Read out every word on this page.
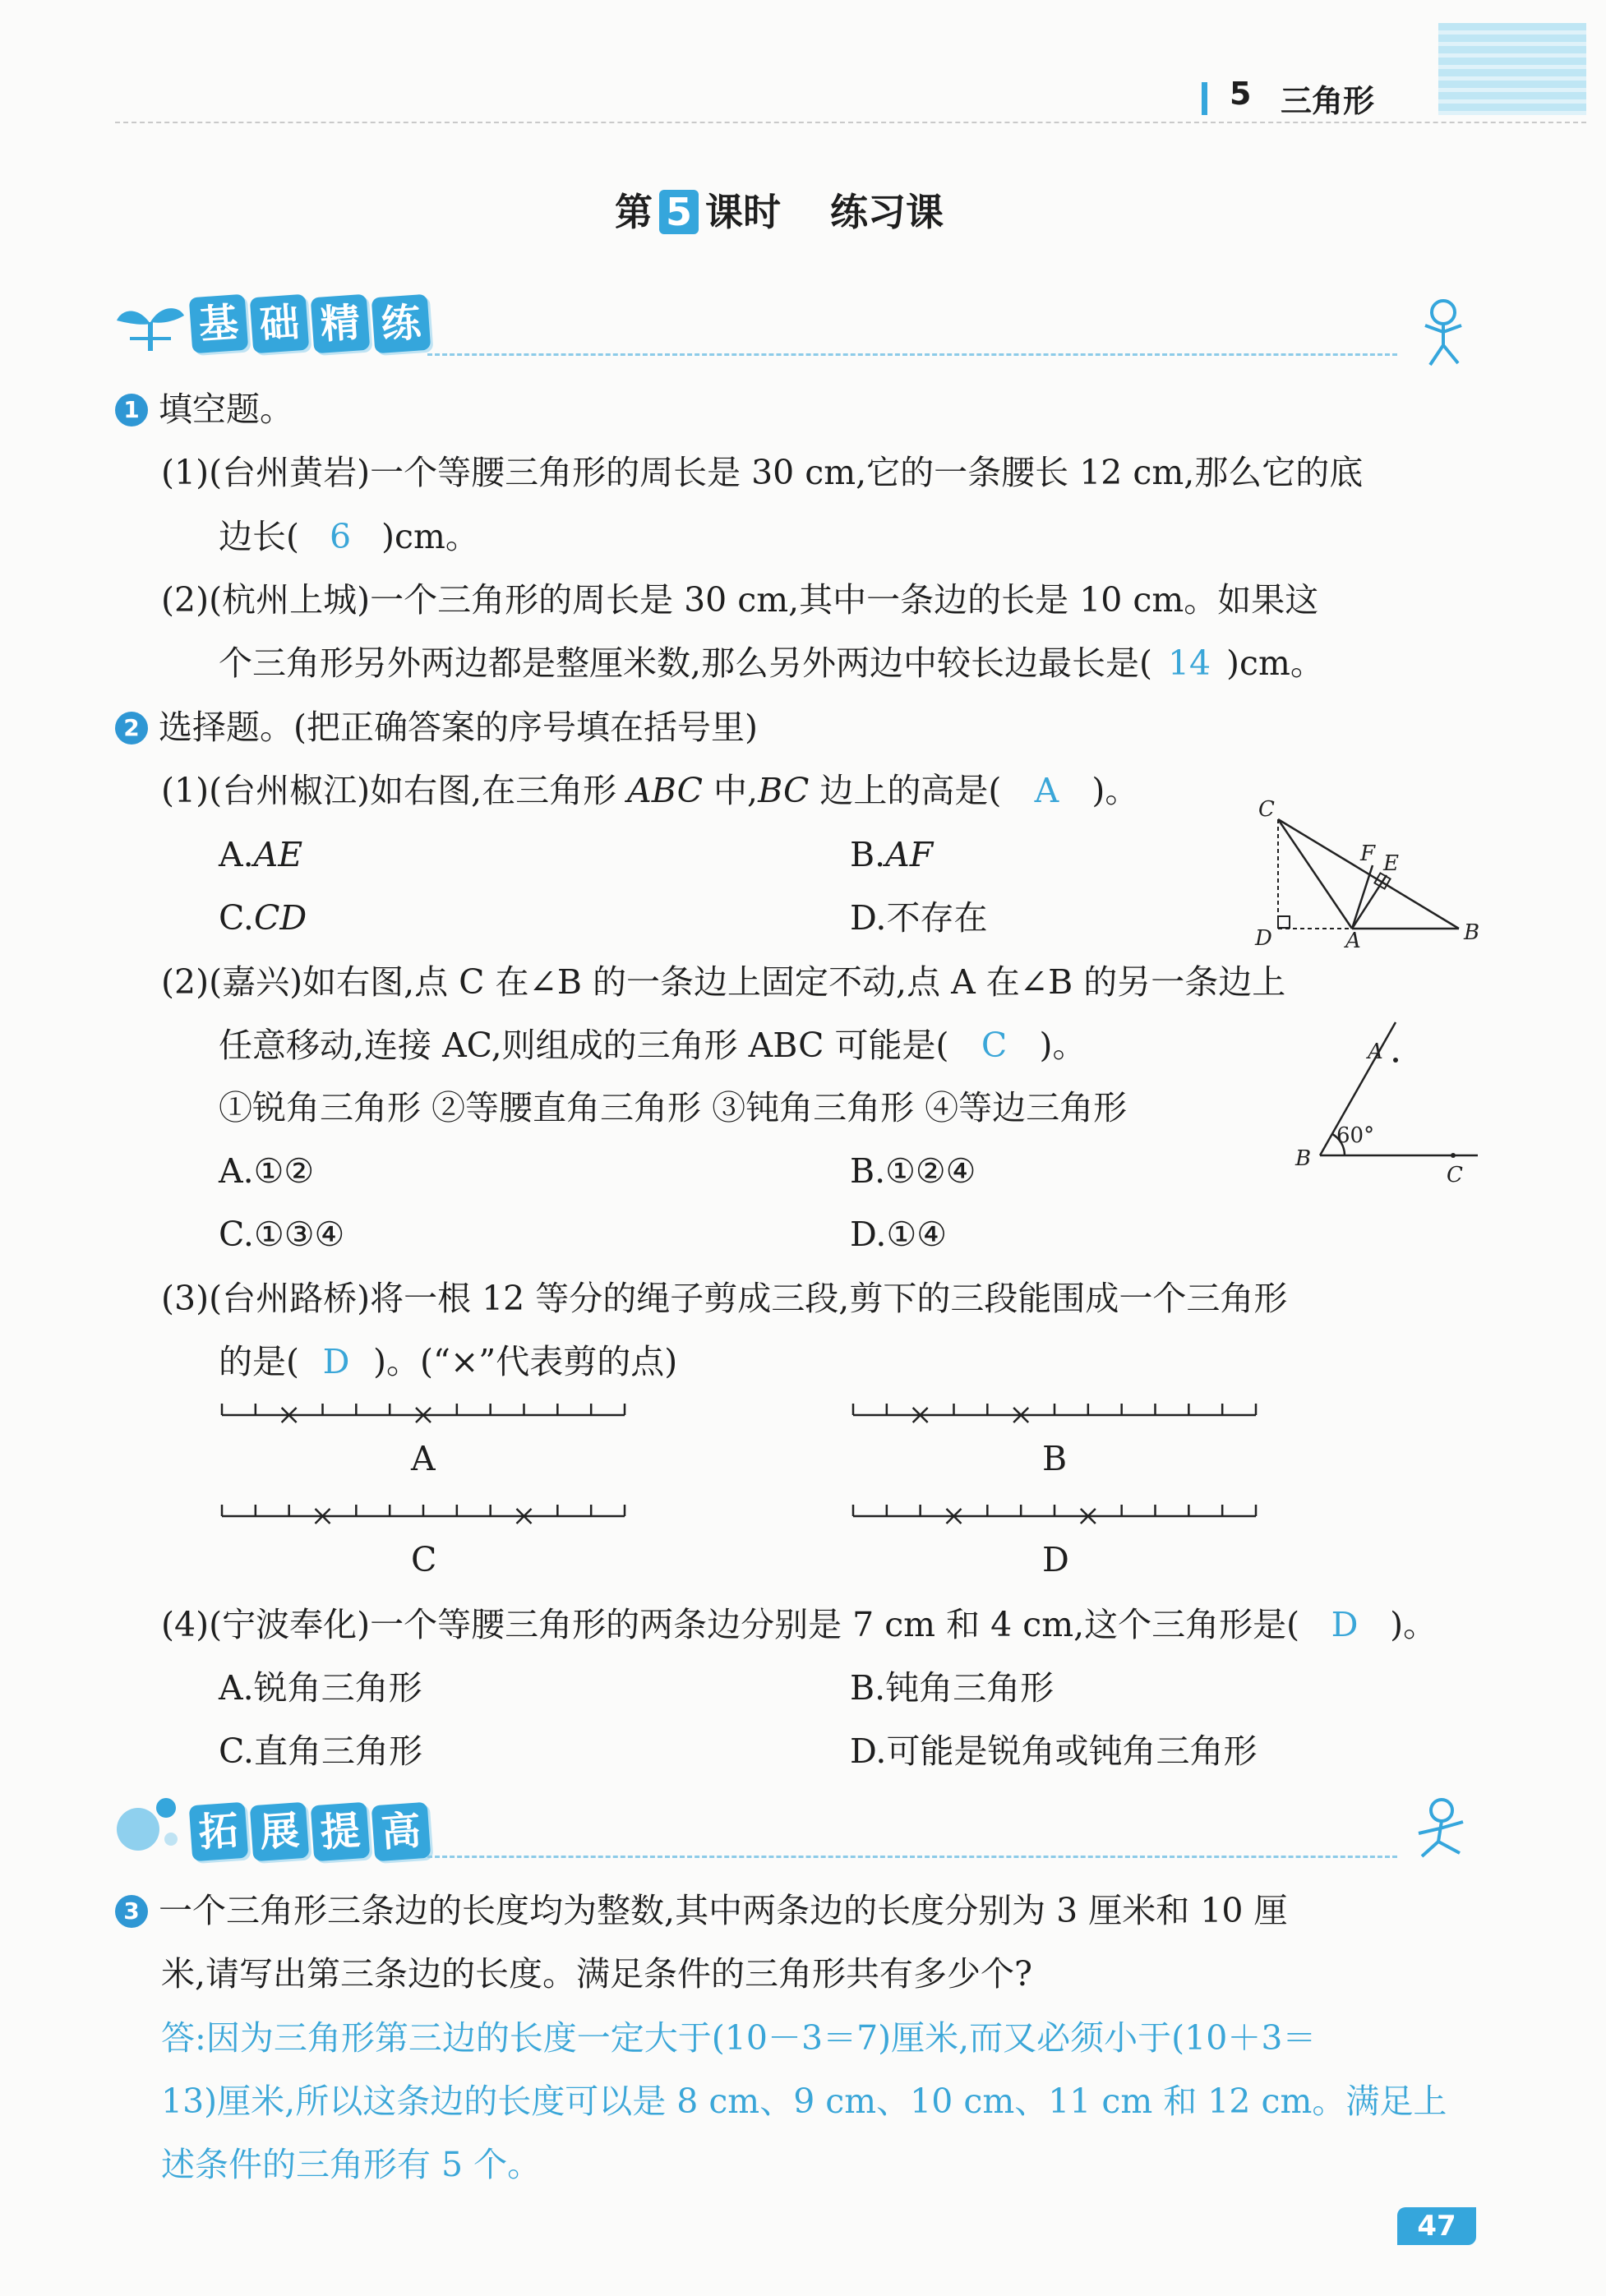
5 三角形
第 5 课时 练习课
基 础 精 练
1 填空题。
(1)(台州黄岩)一个等腰三角形的周长是 30 cm,它的一条腰长 12 cm,那么它的底
边长( 6 )cm。
(2)(杭州上城)一个三角形的周长是 30 cm,其中一条边的长是 10 cm。如果这
个三角形另外两边都是整厘米数,那么另外两边中较长边最长是( 14 )cm。
2 选择题。(把正确答案的序号填在括号里)
(1)(台州椒江)如右图,在三角形 ABC 中,BC 边上的高是( A )。
A.AE	B.AF
C.CD	D.不存在
C
F E
D	A	B
(2)(嘉兴)如右图,点 C 在∠B 的一条边上固定不动,点 A 在∠B 的另一条边上
任意移动,连接 AC,则组成的三角形 ABC 可能是( C )。
①锐角三角形 ②等腰直角三角形 ③钝角三角形 ④等边三角形
A.①②	B.①②④
C.①③④	D.①④
A
B
60°
C
(3)(台州路桥)将一根 12 等分的绳子剪成三段,剪下的三段能围成一个三角形
的是( D )。(“×”代表剪的点)
A	B
C	D
(4)(宁波奉化)一个等腰三角形的两条边分别是 7 cm 和 4 cm,这个三角形是( D )。
A.锐角三角形	B.钝角三角形
C.直角三角形	D.可能是锐角或钝角三角形
拓 展 提 高
3 一个三角形三条边的长度均为整数,其中两条边的长度分别为 3 厘米和 10 厘
米,请写出第三条边的长度。满足条件的三角形共有多少个?
答:因为三角形第三边的长度一定大于(10－3＝7)厘米,而又必须小于(10＋3＝
13)厘米,所以这条边的长度可以是 8 cm、9 cm、10 cm、11 cm 和 12 cm。满足上
述条件的三角形有 5 个。
47
